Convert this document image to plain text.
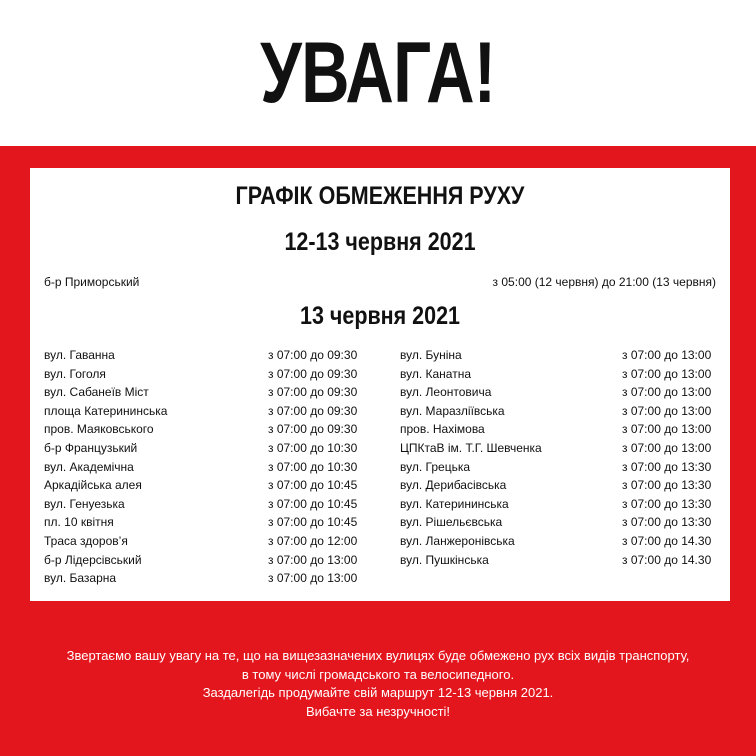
УВАГА!
ГРАФІК ОБМЕЖЕННЯ РУХУ
12-13 червня 2021
б-р Приморський	з 05:00 (12 червня) до 21:00 (13 червня)
13 червня 2021
вул. Гаванна	з 07:00 до 09:30
вул. Гоголя	з 07:00 до 09:30
вул. Сабанеїв Міст	з 07:00 до 09:30
площа Катерининська	з 07:00 до 09:30
пров. Маяковського	з 07:00 до 09:30
б-р Французький	з 07:00 до 10:30
вул. Академічна	з 07:00 до 10:30
Аркадійська алея	з 07:00 до 10:45
вул. Генуезька	з 07:00 до 10:45
пл. 10 квітня	з 07:00 до 10:45
Траса здоров’я	з 07:00 до 12:00
б-р Лідерсівський	з 07:00 до 13:00
вул. Базарна	з 07:00 до 13:00
вул. Буніна	з 07:00 до 13:00
вул. Канатна	з 07:00 до 13:00
вул. Леонтовича	з 07:00 до 13:00
вул. Маразліївська	з 07:00 до 13:00
пров. Нахімова	з 07:00 до 13:00
ЦПКтаВ ім. Т.Г. Шевченка	з 07:00 до 13:00
вул. Грецька	з 07:00 до 13:30
вул. Дерибасівська	з 07:00 до 13:30
вул. Катерининська	з 07:00 до 13:30
вул. Рішельєвська	з 07:00 до 13:30
вул. Ланжеронівська	з 07:00 до 14.30
вул. Пушкінська	з 07:00 до 14.30
Звертаємо вашу увагу на те, що на вищезазначених вулицях буде обмежено рух всіх видів транспорту,
в тому числі громадського та велосипедного.
Заздалегідь продумайте свій маршрут 12-13 червня 2021.
Вибачте за незручності!
